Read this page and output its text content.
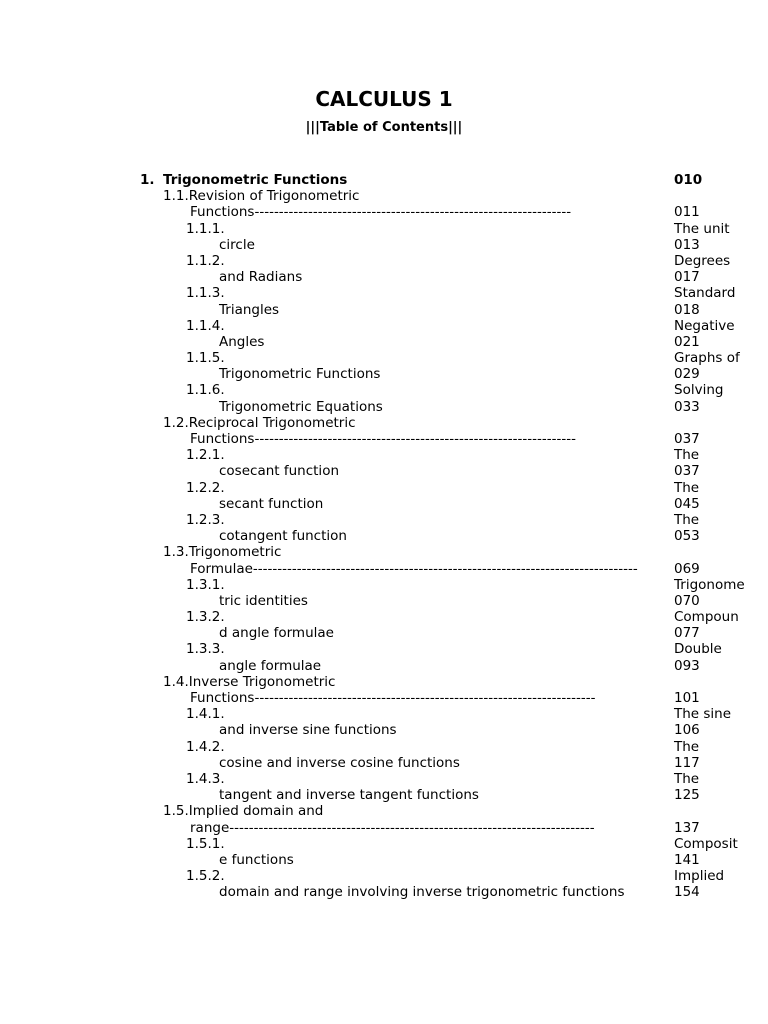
CALCULUS 1
|||Table of Contents|||
1. Trigonometric Functions	010
1.1.Revision of Trigonometric
Functions-----------------------------------------------------------------	011
1.1.1.	The unit
circle	013
1.1.2.	Degrees
and Radians	017
1.1.3.	Standard
Triangles	018
1.1.4.	Negative
Angles	021
1.1.5.	Graphs of
Trigonometric Functions	029
1.1.6.	Solving
Trigonometric Equations	033
1.2.Reciprocal Trigonometric
Functions------------------------------------------------------------------	037
1.2.1.	The
cosecant function	037
1.2.2.	The
secant function	045
1.2.3.	The
cotangent function	053
1.3.Trigonometric
Formulae-------------------------------------------------------------------------------	069
1.3.1.	Trigonome
tric identities	070
1.3.2.	Compoun
d angle formulae	077
1.3.3.	Double
angle formulae	093
1.4.Inverse Trigonometric
Functions----------------------------------------------------------------------	101
1.4.1.	The sine
and inverse sine functions	106
1.4.2.	The
cosine and inverse cosine functions	117
1.4.3.	The
tangent and inverse tangent functions	125
1.5.Implied domain and
range---------------------------------------------------------------------------	137
1.5.1.	Composit
e functions	141
1.5.2.	Implied
domain and range involving inverse trigonometric functions	154
